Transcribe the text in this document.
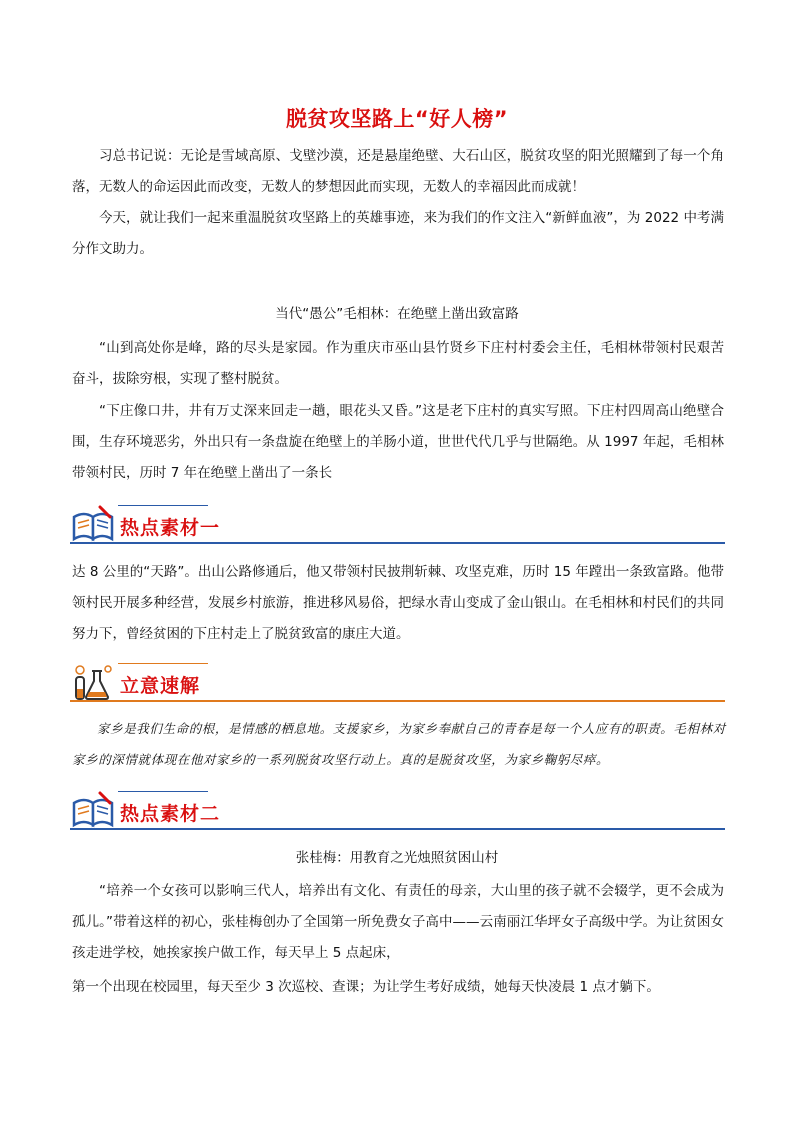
脱贫攻坚路上“好人榜”

习总书记说：无论是雪域高原、戈壁沙漠，还是悬崖绝壁、大石山区，脱贫攻坚的阳光照耀到了每一个角落，无数人的命运因此而改变，无数人的梦想因此而实现，无数人的幸福因此而成就！

今天，就让我们一起来重温脱贫攻坚路上的英雄事迹，来为我们的作文注入“新鲜血液”，为 2022 中考满分作文助力。

当代“愚公”毛相林：在绝壁上凿出致富路

“山到高处你是峰，路的尽头是家园。作为重庆市巫山县竹贤乡下庄村村委会主任，毛相林带领村民艰苦奋斗，拔除穷根，实现了整村脱贫。

“下庄像口井，井有万丈深来回走一趟，眼花头又昏。”这是老下庄村的真实写照。下庄村四周高山绝壁合围，生存环境恶劣，外出只有一条盘旋在绝壁上的羊肠小道，世世代代几乎与世隔绝。从 1997 年起，毛相林带领村民，历时 7 年在绝壁上凿出了一条长

热点素材一

达 8 公里的“天路”。出山公路修通后，他又带领村民披荆斩棘、攻坚克难，历时 15 年蹚出一条致富路。他带领村民开展多种经营，发展乡村旅游，推进移风易俗，把绿水青山变成了金山银山。在毛相林和村民们的共同努力下，曾经贫困的下庄村走上了脱贫致富的康庄大道。

立意速解

家乡是我们生命的根，是情感的栖息地。支援家乡，为家乡奉献自己的青春是每一个人应有的职责。毛相林对家乡的深情就体现在他对家乡的一系列脱贫攻坚行动上。真的是脱贫攻坚，为家乡鞠躬尽瘁。

热点素材二
张桂梅：用教育之光烛照贫困山村

“培养一个女孩可以影响三代人，培养出有文化、有责任的母亲，大山里的孩子就不会辍学，更不会成为孤儿。”带着这样的初心，张桂梅创办了全国第一所免费女子高中——云南丽江华坪女子高级中学。为让贫困女孩走进学校，她挨家挨户做工作，每天早上 5 点起床，

第一个出现在校园里，每天至少 3 次巡校、查课；为让学生考好成绩，她每天快凌晨 1 点才躺下。
